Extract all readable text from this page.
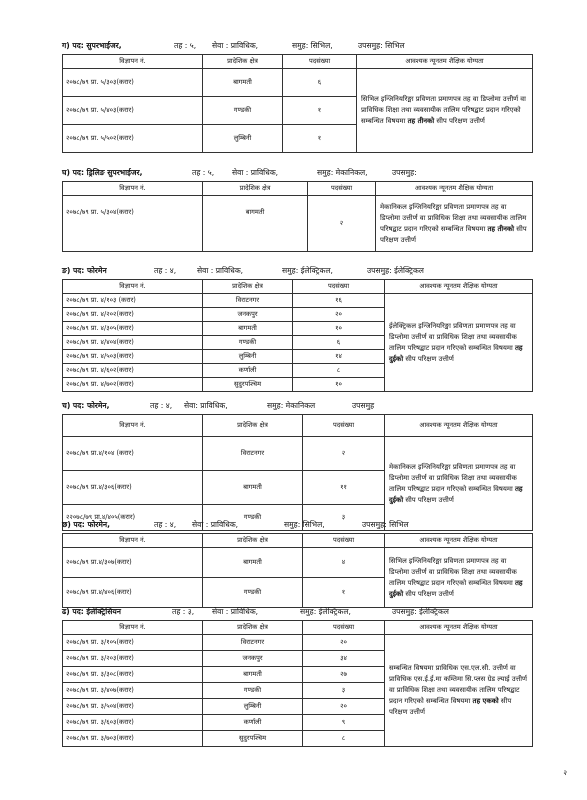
ग) पद: सुपरभाईजर,	तह : ५, सेवा : प्राविधिक,	समुह: सिभिल,	उपसमुह: सिभिल
विज्ञापन नं.	प्रादेशिक क्षेत्र	पदसंख्या	आवश्यक न्यूनतम शैक्षिक योग्यता
२०७८/७९ प्रा. ५/३०३(करार)	बागमती	६	सिभिल इन्जिनियरिङ्मा प्रविणता प्रमाणपत्र तह वा डिप्लोमा उत्तीर्ण वा प्राविधिक शिक्षा तथा व्यवसायीक तालिम परिषद्बाट प्रदान गरिएको सम्बन्धित विषयमा तह तीनको सीप परिक्षण उत्तीर्ण
२०७८/७९ प्रा. ५/४०३(करार)	गण्डकी	१	
२०७८/७९ प्रा. ५/५०२(करार)	लुम्बिनी	१	
घ) पद: ड्रिलिङ सुपरभाईजर,	तह : ५, सेवा : प्राविधिक,	समुह: मेकानिकल,	उपसमुह:
विज्ञापन नं.	प्रादेशिक क्षेत्र	पदसंख्या	आवश्यक न्यूनतम शैक्षिक योग्यता
२०७८/७९ प्रा. ५/३०४(करार)	बागमती	२	मेकानिकल इन्जिनियरिङ्मा प्रविणता प्रमाणपत्र तह वा डिप्लोमा उत्तीर्ण वा प्राविधिक शिक्षा तथा व्यवसायीक तालिम परिषद्बाट प्रदान गरिएको सम्बन्धित विषयमा तह तीनको सीप परिक्षण उत्तीर्ण
ङ) पद: फोरमेन	तह : ४,	सेवा : प्राविधिक,	समुह: ईलेक्ट्रिकल,	उपसमुह: ईलेक्ट्रिकल
विज्ञापन नं.	प्रादेशिक क्षेत्र	पदसंख्या	आवश्यक न्यूनतम शैक्षिक योग्यता
२०७८/७९ प्रा. ४/१०३ (करार)	विराटनगर	१६	ईलेक्ट्रिकल इन्जिनियरिङ्मा प्रविणता प्रमाणपत्र तह वा डिप्लोमा उत्तीर्ण वा प्राविधिक शिक्षा तथा व्यवसायीक तालिम परिषद्बाट प्रदान गरिएको सम्बन्धित विषयमा तह दुईको सीप परिक्षण उत्तीर्ण
२०७८/७९ प्रा. ४/२०२(करार)	जनकपुर	२०	
२०७८/७९ प्रा. ४/३०५(करार)	बागमती	१०	
२०७८/७९ प्रा. ४/४०४(करार)	गण्डकी	६	
२०७८/७९ प्रा. ४/५०३(करार)	लुम्बिनी	१४	
२०७८/७९ प्रा. ४/६०२(करार)	कर्णाली	८	
२०७८/७९ प्रा. ४/७०२(करार)	सुदुरपश्चिम	१०	
च) पद: फोरमेन,	तह : ४, सेवा: प्राविधिक,	समुह: मेकानिकल	उपसमुह
विज्ञापन नं.	प्रादेशिक क्षेत्र	पदसंख्या	आवश्यक न्यूनतम शैक्षिक योग्यता
२०७८/७९ प्रा.४/१०४ (करार)	विराटनगर	२	मेकानिकल इन्जिनियरिङ्मा प्रविणता प्रमाणपत्र तह वा डिप्लोमा उत्तीर्ण वा प्राविधिक शिक्षा तथा व्यवसायीक तालिम परिषद्बाट प्रदान गरिएको सम्बन्धित विषयमा तह दुईको सीप परिक्षण उत्तीर्ण
२०७८/७९ प्रा.४/३०६(करार)	बागमती	११	
२२०७८/७९ प्रा.४/४०५(करार)	गण्डकी	३	
छ) पद: फोरमेन,	तह : ४, सेवा : प्राविधिक,	समुह: सिभिल,	उपसमुह: सिभिल
विज्ञापन नं.	प्रादेशिक क्षेत्र	पदसंख्या	आवश्यक न्यूनतम शैक्षिक योग्यता
२०७८/७९ प्रा.४/३०७(करार)	बागमती	४	सिभिल इन्जिनियरिङ्मा प्रविणता प्रमाणपत्र तह वा डिप्लोमा उत्तीर्ण वा प्राविधिक शिक्षा तथा व्यवसायीक तालिम परिषद्बाट प्रदान गरिएको सम्बन्धित विषयमा तह दुईको सीप परिक्षण उत्तीर्ण
२०७८/७९ प्रा.४/४०६(करार)	गण्डकी	१	
ढ) पद: ईलेक्ट्रिसियन	तह : ३, सेवा : प्राविधिक,	समुह: ईलेक्ट्रिकल,	उपसमुह: ईलेक्ट्रिकल
विज्ञापन नं.	प्रादेशिक क्षेत्र	पदसंख्या	आवश्यक न्यूनतम शैक्षिक योग्यता
२०७८/७९ प्रा. ३/१०५(करार)	विराटनगर	२०	सम्बन्धित विषयमा प्राविधिक एस.एल.सी. उत्तीर्ण वा प्राविधिक एस.ई.ई.मा कम्तिमा सि.प्लस ग्रेड ल्याई उत्तीर्ण वा प्राविधिक शिक्षा तथा व्यवसायीक तालिम परिषद्बाट प्रदान गरिएको सम्बन्धित विषयमा तह एकको सीप परिक्षण उत्तीर्ण
२०७८/७९ प्रा. ३/२०३(करार)	जनकपुर	३४	
२०७८/७९ प्रा. ३/३०८(करार)	बागमती	२७	
२०७८/७९ प्रा. ३/४०७(करार)	गण्डकी	३	
२०७८/७९ प्रा. ३/५०४(करार)	लुम्बिनी	२०	
२०७८/७९ प्रा. ३/६०३(करार)	कर्णाली	९	
२०७८/७९ प्रा. ३/७०३(करार)	सुदुरपश्चिम	८	
२
